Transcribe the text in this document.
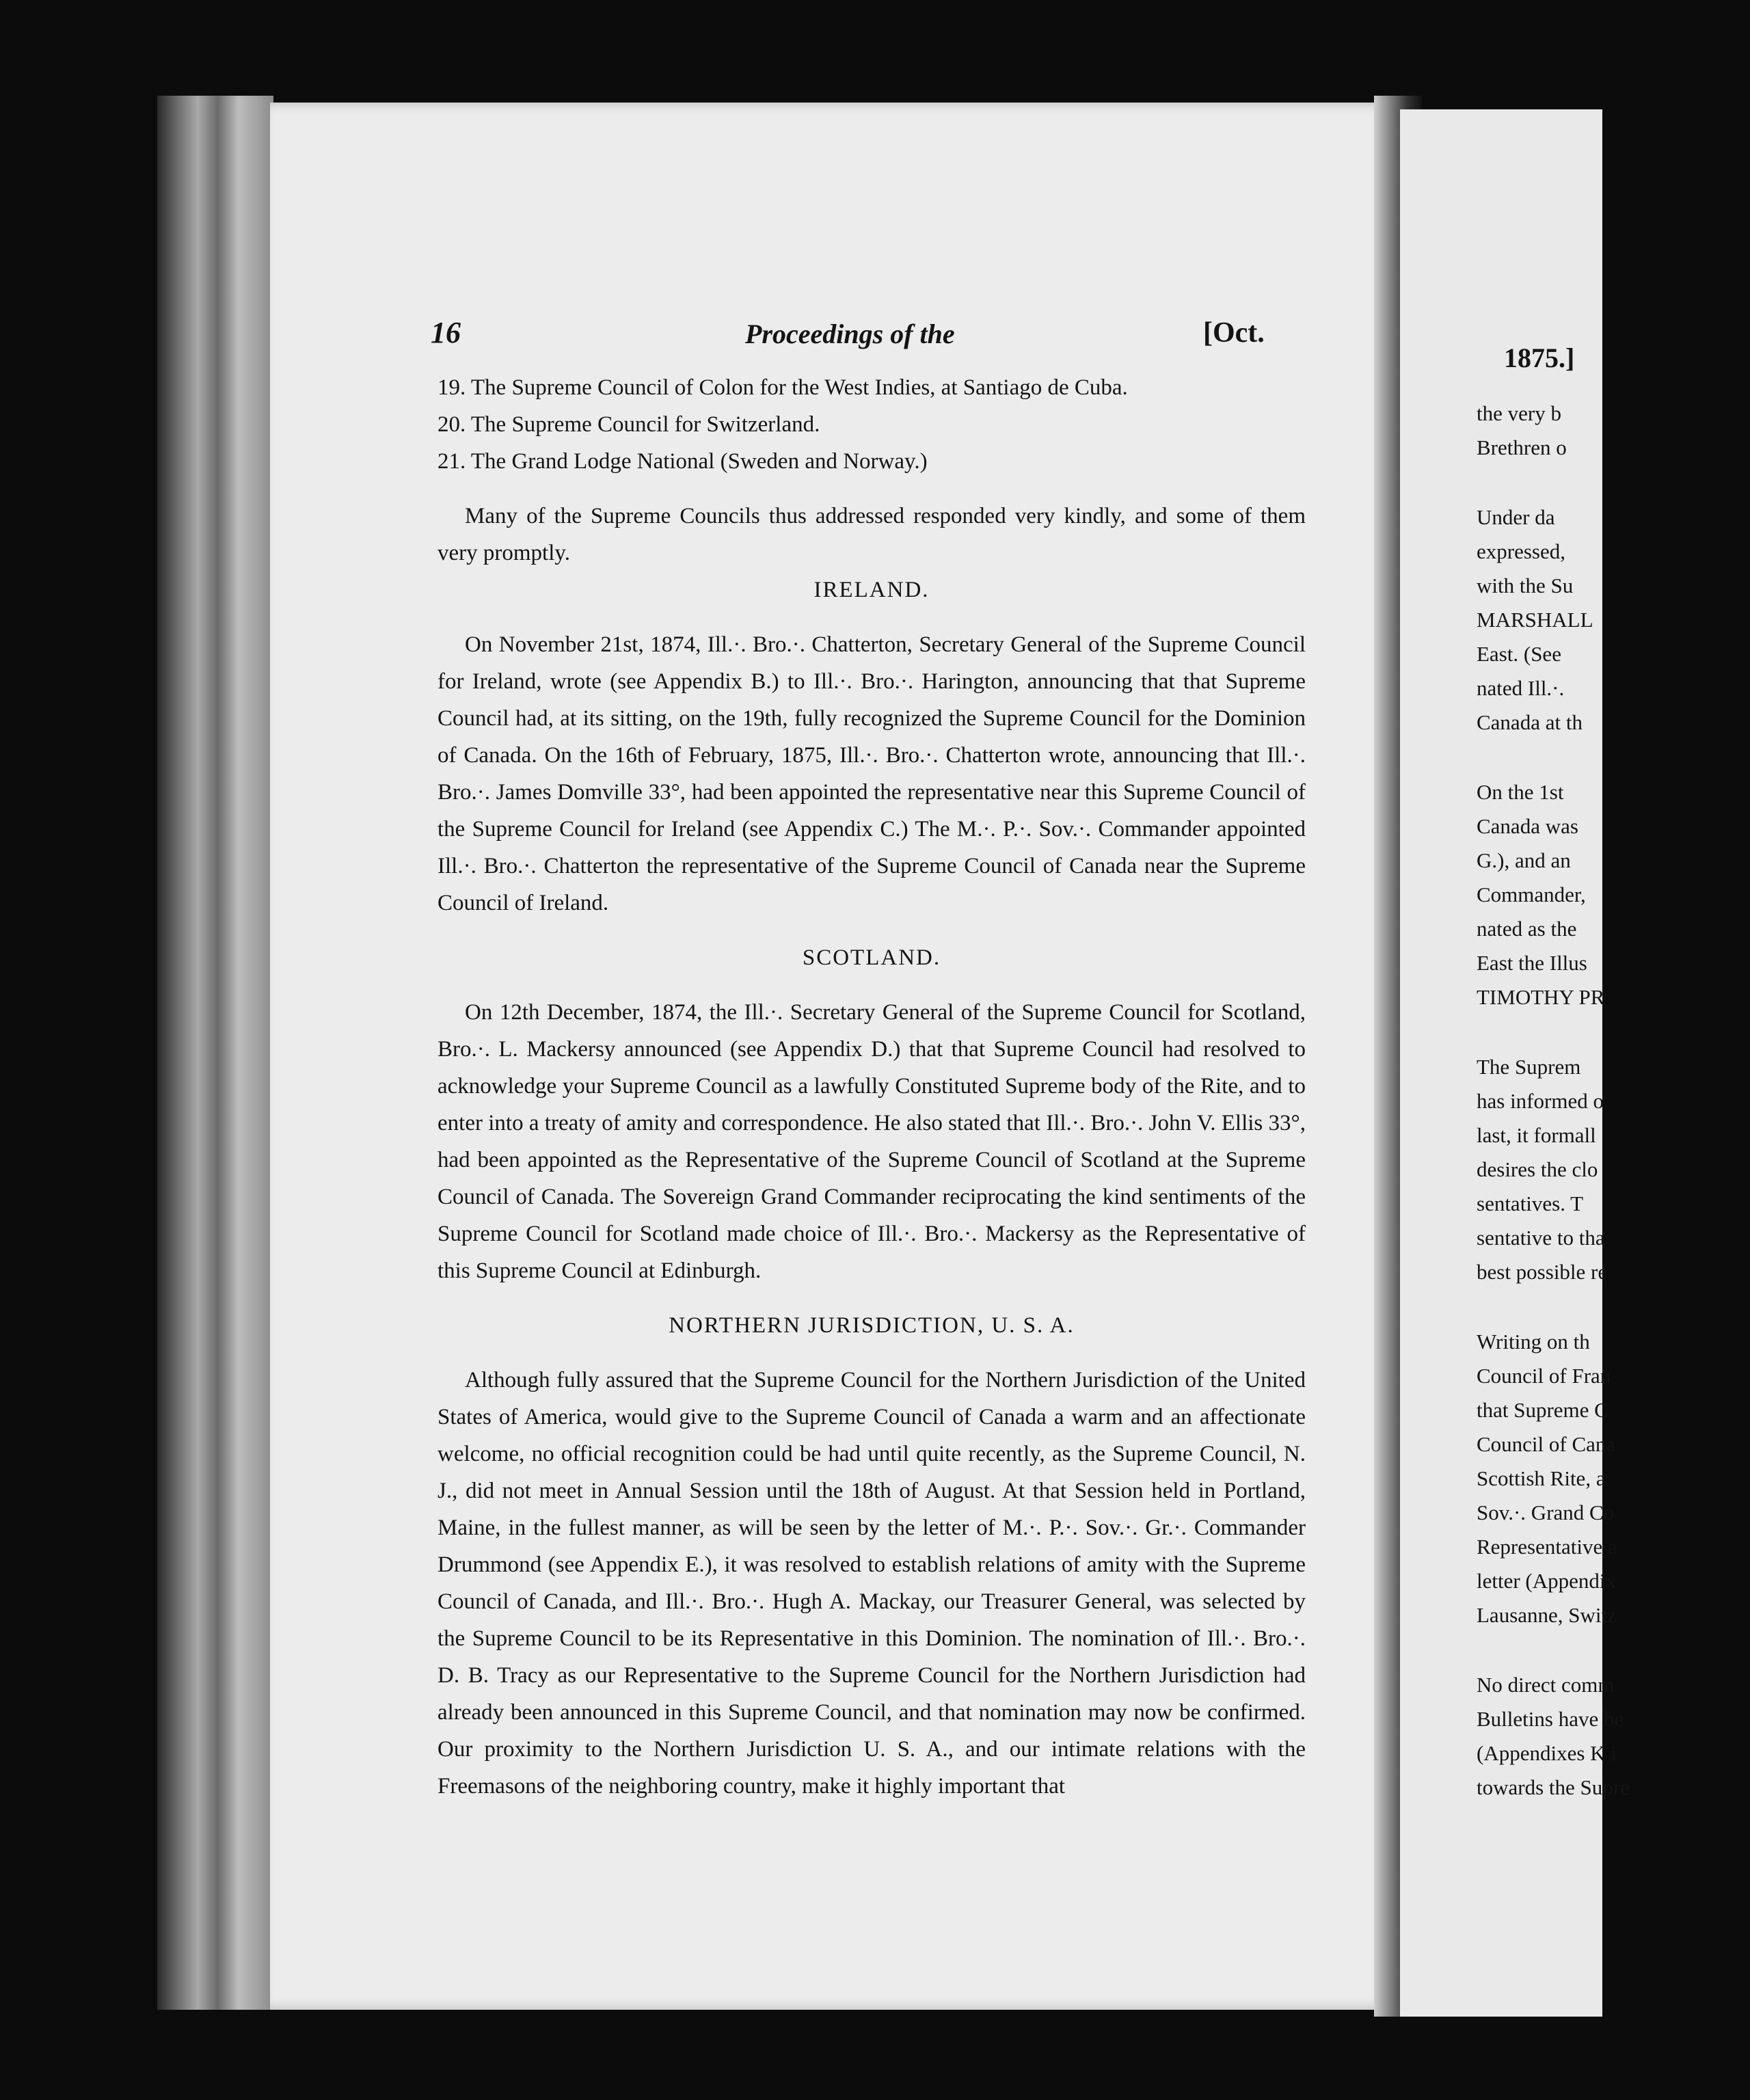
16	Proceedings of the	[Oct.
19. The Supreme Council of Colon for the West Indies, at Santiago de Cuba.
20. The Supreme Council for Switzerland.
21. The Grand Lodge National (Sweden and Norway.)

Many of the Supreme Councils thus addressed responded very kindly, and some of them very promptly.

IRELAND.

On November 21st, 1874, Ill.·. Bro.·. Chatterton, Secretary General of the Supreme Council for Ireland, wrote (see Appendix B.) to Ill.·. Bro.·. Harington, announcing that that Supreme Council had, at its sitting, on the 19th, fully recognized the Supreme Council for the Dominion of Canada. On the 16th of February, 1875, Ill.·. Bro.·. Chatterton wrote, announcing that Ill.·. Bro.·. James Domville 33°, had been appointed the representative near this Supreme Council of the Supreme Council for Ireland (see Appendix C.) The M.·. P.·. Sov.·. Commander appointed Ill.·. Bro.·. Chatterton the representative of the Supreme Council of Canada near the Supreme Council of Ireland.

SCOTLAND.

On 12th December, 1874, the Ill.·. Secretary General of the Supreme Council for Scotland, Bro.·. L. Mackersy announced (see Appendix D.) that that Supreme Council had resolved to acknowledge your Supreme Council as a lawfully Constituted Supreme body of the Rite, and to enter into a treaty of amity and correspondence. He also stated that Ill.·. Bro.·. John V. Ellis 33°, had been appointed as the Representative of the Supreme Council of Scotland at the Supreme Council of Canada. The Sovereign Grand Commander reciprocating the kind sentiments of the Supreme Council for Scotland made choice of Ill.·. Bro.·. Mackersy as the Representative of this Supreme Council at Edinburgh.

NORTHERN JURISDICTION, U. S. A.

Although fully assured that the Supreme Council for the Northern Jurisdiction of the United States of America, would give to the Supreme Council of Canada a warm and an affectionate welcome, no official recognition could be had until quite recently, as the Supreme Council, N. J., did not meet in Annual Session until the 18th of August. At that Session held in Portland, Maine, in the fullest manner, as will be seen by the letter of M.·. P.·. Sov.·. Gr.·. Commander Drummond (see Appendix E.), it was resolved to establish relations of amity with the Supreme Council of Canada, and Ill.·. Bro.·. Hugh A. Mackay, our Treasurer General, was selected by the Supreme Council to be its Representative in this Dominion. The nomination of Ill.·. Bro.·. D. B. Tracy as our Representative to the Supreme Council for the Northern Jurisdiction had already been announced in this Supreme Council, and that nomination may now be confirmed. Our proximity to the Northern Jurisdiction U. S. A., and our intimate relations with the Freemasons of the neighboring country, make it highly important that

1875.]
the very b
Brethren o
Under da
expressed,
with the Su
MARSHALL
East. (See
nated Ill.·.
Canada at th
On the 1st
Canada was
G.), and an
Commander,
nated as the
East the Illus
TIMOTHY PR
The Suprem
has informed o
last, it formall
desires the clo
sentatives. T
sentative to tha
best possible re
Writing on th
Council of Fran
that Supreme C
Council of Cana
Scottish Rite, a
Sov.·. Grand Co
Representative a
letter (Appendix
Lausanne, Switz
No direct comm
Bulletins have be
(Appendixes K i
towards the Supre
